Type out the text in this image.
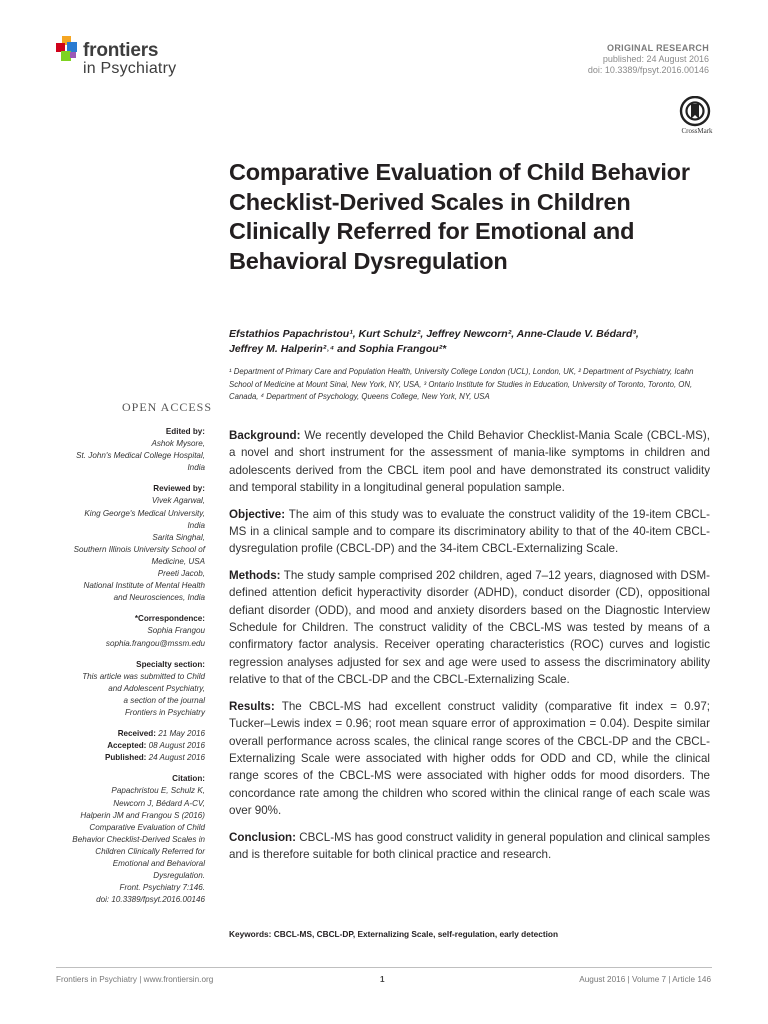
frontiers
in Psychiatry
ORIGINAL RESEARCH
published: 24 August 2016
doi: 10.3389/fpsyt.2016.00146
CrossMark
Comparative Evaluation of Child Behavior Checklist-Derived Scales in Children Clinically Referred for Emotional and Behavioral Dysregulation
Efstathios Papachristou¹, Kurt Schulz², Jeffrey Newcorn², Anne-Claude V. Bédard³,
Jeffrey M. Halperin²˒⁴ and Sophia Frangou²*
¹ Department of Primary Care and Population Health, University College London (UCL), London, UK, ² Department of Psychiatry, Icahn School of Medicine at Mount Sinai, New York, NY, USA, ³ Ontario Institute for Studies in Education, University of Toronto, Toronto, ON, Canada, ⁴ Department of Psychology, Queens College, New York, NY, USA
OPEN ACCESS
Edited by:
Ashok Mysore,
St. John's Medical College Hospital,
India
Reviewed by:
Vivek Agarwal,
King George's Medical University,
India
Sarita Singhal,
Southern Illinois University School of
Medicine, USA
Preeti Jacob,
National Institute of Mental Health
and Neurosciences, India
*Correspondence:
Sophia Frangou
sophia.frangou@mssm.edu
Specialty section:
This article was submitted to Child
and Adolescent Psychiatry,
a section of the journal
Frontiers in Psychiatry
Received: 21 May 2016
Accepted: 08 August 2016
Published: 24 August 2016
Citation:
Papachristou E, Schulz K,
Newcorn J, Bédard A-CV,
Halperin JM and Frangou S (2016)
Comparative Evaluation of Child
Behavior Checklist-Derived Scales in
Children Clinically Referred for
Emotional and Behavioral
Dysregulation.
Front. Psychiatry 7:146.
doi: 10.3389/fpsyt.2016.00146

Background: We recently developed the Child Behavior Checklist-Mania Scale (CBCL-MS), a novel and short instrument for the assessment of mania-like symptoms in children and adolescents derived from the CBCL item pool and have demonstrated its construct validity and temporal stability in a longitudinal general population sample.

Objective: The aim of this study was to evaluate the construct validity of the 19-item CBCL-MS in a clinical sample and to compare its discriminatory ability to that of the 40-item CBCL-dysregulation profile (CBCL-DP) and the 34-item CBCL-Externalizing Scale.

Methods: The study sample comprised 202 children, aged 7–12 years, diagnosed with DSM-defined attention deficit hyperactivity disorder (ADHD), conduct disorder (CD), oppositional defiant disorder (ODD), and mood and anxiety disorders based on the Diagnostic Interview Schedule for Children. The construct validity of the CBCL-MS was tested by means of a confirmatory factor analysis. Receiver operating characteristics (ROC) curves and logistic regression analyses adjusted for sex and age were used to assess the discriminatory ability relative to that of the CBCL-DP and the CBCL-Externalizing Scale.

Results: The CBCL-MS had excellent construct validity (comparative fit index = 0.97; Tucker–Lewis index = 0.96; root mean square error of approximation = 0.04). Despite similar overall performance across scales, the clinical range scores of the CBCL-DP and the CBCL-Externalizing Scale were associated with higher odds for ODD and CD, while the clinical range scores of the CBCL-MS were associated with higher odds for mood disorders. The concordance rate among the children who scored within the clinical range of each scale was over 90%.

Conclusion: CBCL-MS has good construct validity in general population and clinical samples and is therefore suitable for both clinical practice and research.

Keywords: CBCL-MS, CBCL-DP, Externalizing Scale, self-regulation, early detection
Frontiers in Psychiatry | www.frontiersin.org	1	August 2016 | Volume 7 | Article 146
